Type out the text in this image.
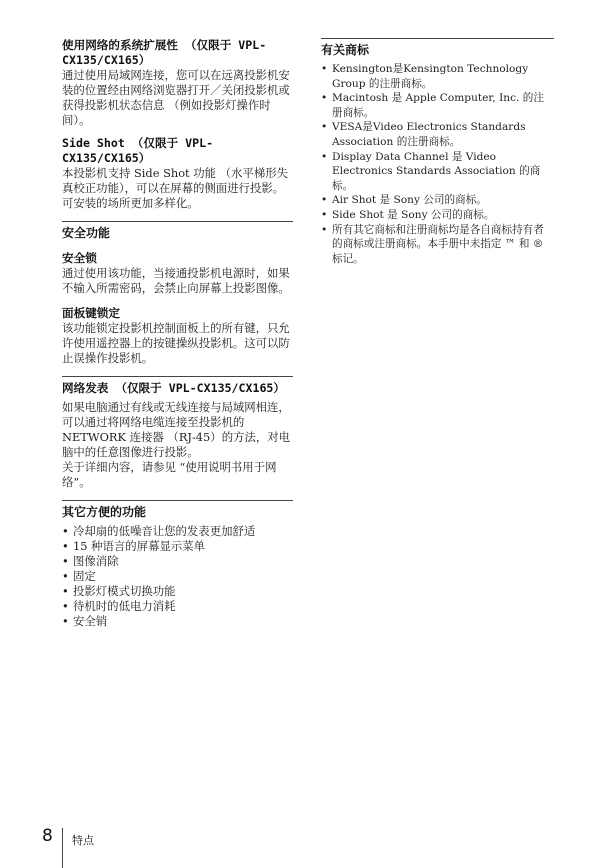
使用网络的系统扩展性 （仅限于 VPL-CX135/CX165）
通过使用局域网连接，您可以在远离投影机安装的位置经由网络浏览器打开／关闭投影机或获得投影机状态信息 （例如投影灯操作时间）。
Side Shot （仅限于 VPL-CX135/CX165）
本投影机支持 Side Shot 功能 （水平梯形失真校正功能），可以在屏幕的侧面进行投影。可安装的场所更加多样化。
安全功能
安全锁
通过使用该功能，当接通投影机电源时，如果不输入所需密码，会禁止向屏幕上投影图像。
面板键锁定
该功能锁定投影机控制面板上的所有键，只允许使用遥控器上的按键操纵投影机。这可以防止误操作投影机。
网络发表 （仅限于 VPL-CX135/CX165）
如果电脑通过有线或无线连接与局域网相连，可以通过将网络电缆连接至投影机的 NETWORK 连接器 （RJ-45）的方法，对电脑中的任意图像进行投影。
关于详细内容，请参见 “使用说明书用于网络”。
其它方便的功能
• 冷却扇的低噪音让您的发表更加舒适
• 15 种语言的屏幕显示菜单
• 图像消除
• 固定
• 投影灯模式切换功能
• 待机时的低电力消耗
• 安全销
有关商标
• Kensington是Kensington Technology Group 的注册商标。
• Macintosh 是 Apple Computer, Inc. 的注册商标。
• VESA是Video Electronics Standards Association 的注册商标。
• Display Data Channel 是 Video Electronics Standards Association 的商标。
• Air Shot 是 Sony 公司的商标。
• Side Shot 是 Sony 公司的商标。
• 所有其它商标和注册商标均是各自商标持有者的商标或注册商标。本手册中未指定 ™ 和 ® 标记。
8 特点
